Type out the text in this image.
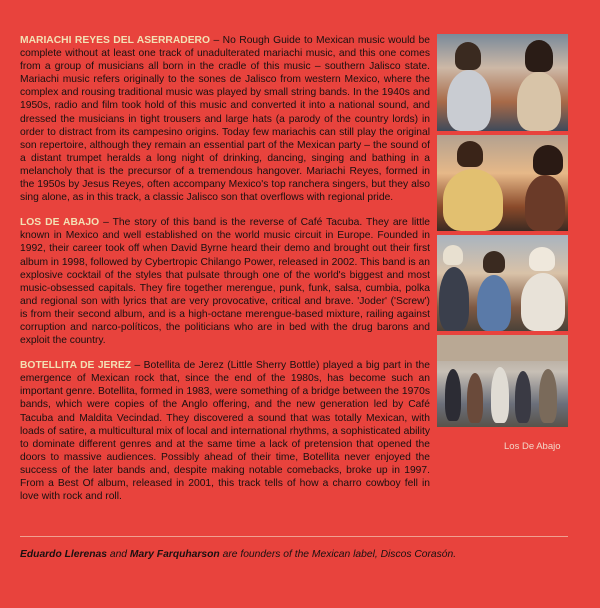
MARIACHI REYES DEL ASERRADERO – No Rough Guide to Mexican music would be complete without at least one track of unadulterated mariachi music, and this one comes from a group of musicians all born in the cradle of this music – southern Jalisco state. Mariachi music refers originally to the sones de Jalisco from western Mexico, where the complex and rousing traditional music was played by small string bands. In the 1940s and 1950s, radio and film took hold of this music and converted it into a national sound, and dressed the musicians in tight trousers and large hats (a parody of the country lords) in order to distract from its campesino origins. Today few mariachis can still play the original son repertoire, although they remain an essential part of the Mexican party – the sound of a distant trumpet heralds a long night of drinking, dancing, singing and bathing in a melancholy that is the precursor of a tremendous hangover. Mariachi Reyes, formed in the 1950s by Jesus Reyes, often accompany Mexico's top ranchera singers, but they also sing alone, as in this track, a classic Jalisco son that overflows with regional pride.

LOS DE ABAJO – The story of this band is the reverse of Café Tacuba. They are little known in Mexico and well established on the world music circuit in Europe. Founded in 1992, their career took off when David Byrne heard their demo and brought out their first album in 1998, followed by Cybertropic Chilango Power, released in 2002. This band is an explosive cocktail of the styles that pulsate through one of the world's biggest and most music-obsessed capitals. They fire together merengue, punk, funk, salsa, cumbia, polka and regional son with lyrics that are very provocative, critical and brave. 'Joder' ('Screw') is from their second album, and is a high-octane merengue-based mixture, railing against corruption and narco-políticos, the politicians who are in bed with the drug barons and exploit the country.

BOTELLITA DE JEREZ – Botellita de Jerez (Little Sherry Bottle) played a big part in the emergence of Mexican rock that, since the end of the 1980s, has become such an important genre. Botellita, formed in 1983, were something of a bridge between the 1970s bands, which were copies of the Anglo offering, and the new generation led by Café Tacuba and Maldita Vecindad. They discovered a sound that was totally Mexican, with loads of satire, a multicultural mix of local and international rhythms, a sophisticated ability to dominate different genres and at the same time a lack of pretension that opened the doors to massive audiences. Possibly ahead of their time, Botellita never enjoyed the success of the later bands and, despite making notable comebacks, broke up in 1997. From a Best Of album, released in 2001, this track tells of how a charro cowboy fell in love with rock and roll.

Los De Abajo
Eduardo Llerenas and Mary Farquharson are founders of the Mexican label, Discos Corasón.
